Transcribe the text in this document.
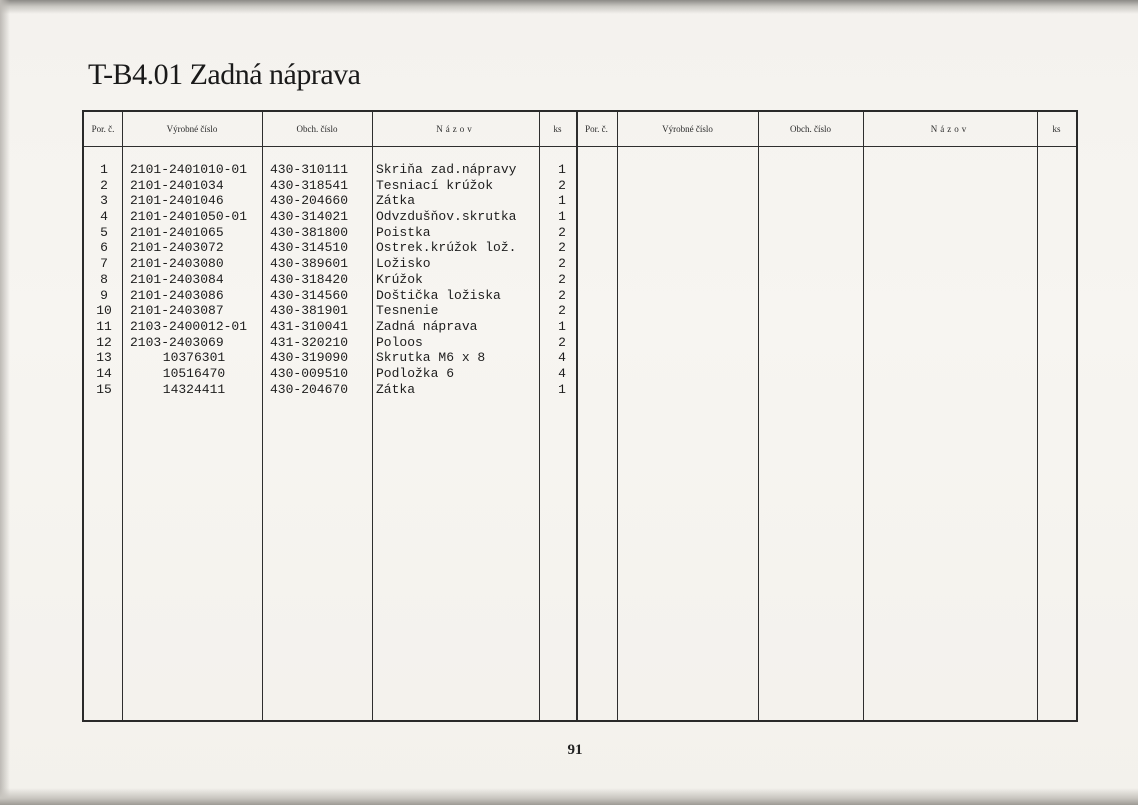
T-B4.01 Zadná náprava
Por. č.	Výrobné číslo	Obch. číslo	Názov	ks	Por. č.	Výrobné číslo	Obch. číslo	Názov	ks
1	2101-2401010-01 430-310111 Skriňa zad.nápravy	1
2	2101-2401034	430-318541 Tesniací krúžok	2
3	2101-2401046	430-204660 Zátka	1
4	2101-2401050-01 430-314021 Odvzdušňov.skrutka	1
5	2101-2401065	430-381800 Poistka	2
6	2101-2403072	430-314510 Ostrek.krúžok lož.	2
7	2101-2403080	430-389601 Ložisko	2
8	2101-2403084	430-318420 Krúžok	2
9	2101-2403086	430-314560 Doštička ložiska	2
10	2101-2403087	430-381901 Tesnenie	2
11	2103-2400012-01 431-310041 Zadná náprava	1
12	2103-2403069	431-320210 Poloos	2
13	10376301	430-319090 Skrutka M6 x 8	4
14	10516470	430-009510 Podložka 6	4
15	14324411	430-204670 Zátka	1
91
